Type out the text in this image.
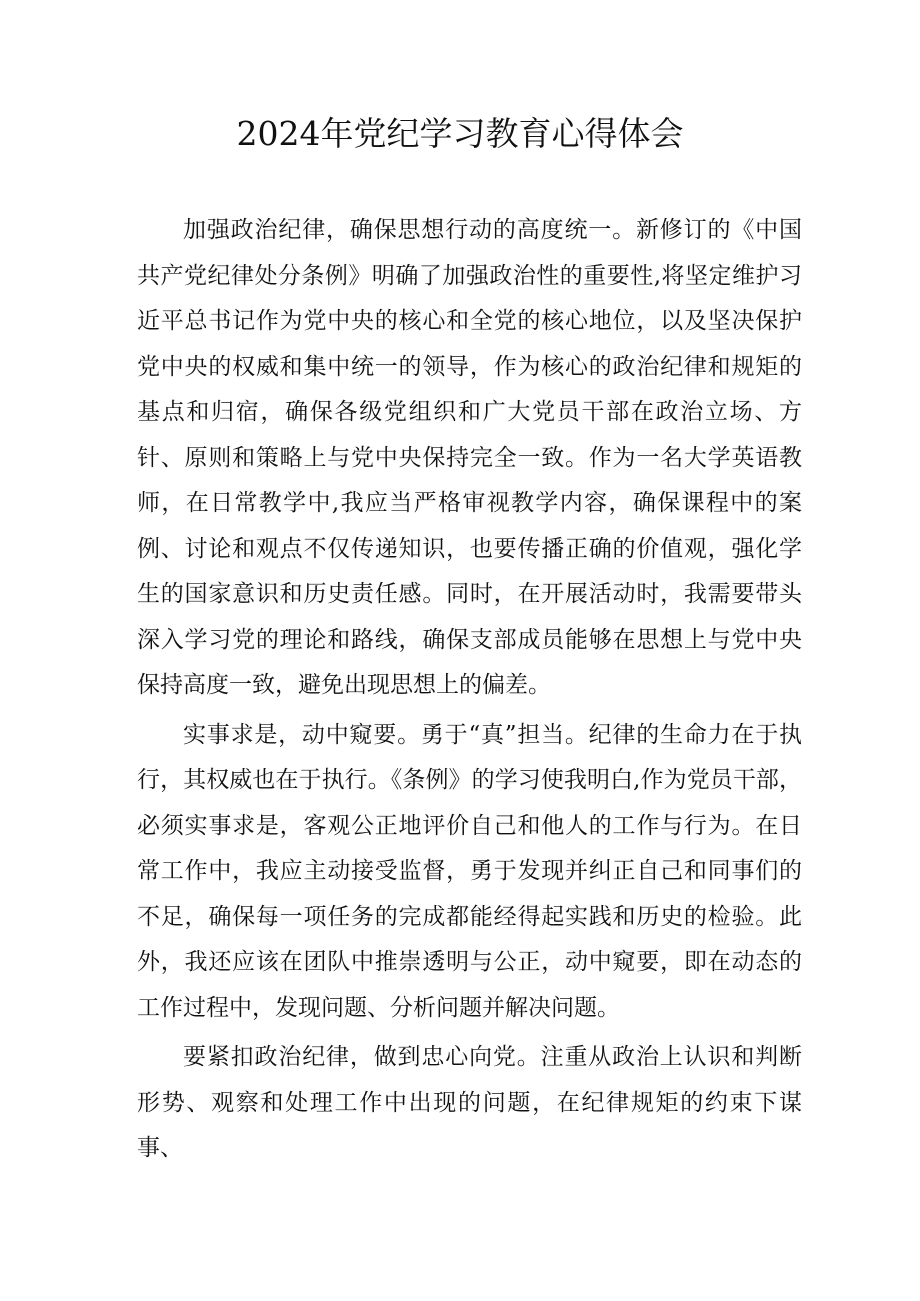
2024年党纪学习教育心得体会

加强政治纪律，确保思想行动的高度统一。新修订的《中国共产党纪律处分条例》明确了加强政治性的重要性,将坚定维护习近平总书记作为党中央的核心和全党的核心地位，以及坚决保护党中央的权威和集中统一的领导，作为核心的政治纪律和规矩的基点和归宿，确保各级党组织和广大党员干部在政治立场、方针、原则和策略上与党中央保持完全一致。作为一名大学英语教师，在日常教学中,我应当严格审视教学内容，确保课程中的案例、讨论和观点不仅传递知识，也要传播正确的价值观，强化学生的国家意识和历史责任感。同时，在开展活动时，我需要带头深入学习党的理论和路线，确保支部成员能够在思想上与党中央保持高度一致，避免出现思想上的偏差。

实事求是，动中窥要。勇于“真”担当。纪律的生命力在于执行，其权威也在于执行。《条例》的学习使我明白,作为党员干部，必须实事求是，客观公正地评价自己和他人的工作与行为。在日常工作中，我应主动接受监督，勇于发现并纠正自己和同事们的不足，确保每一项任务的完成都能经得起实践和历史的检验。此外，我还应该在团队中推崇透明与公正，动中窥要，即在动态的工作过程中，发现问题、分析问题并解决问题。

要紧扣政治纪律，做到忠心向党。注重从政治上认识和判断形势、观察和处理工作中出现的问题，在纪律规矩的约束下谋事、
